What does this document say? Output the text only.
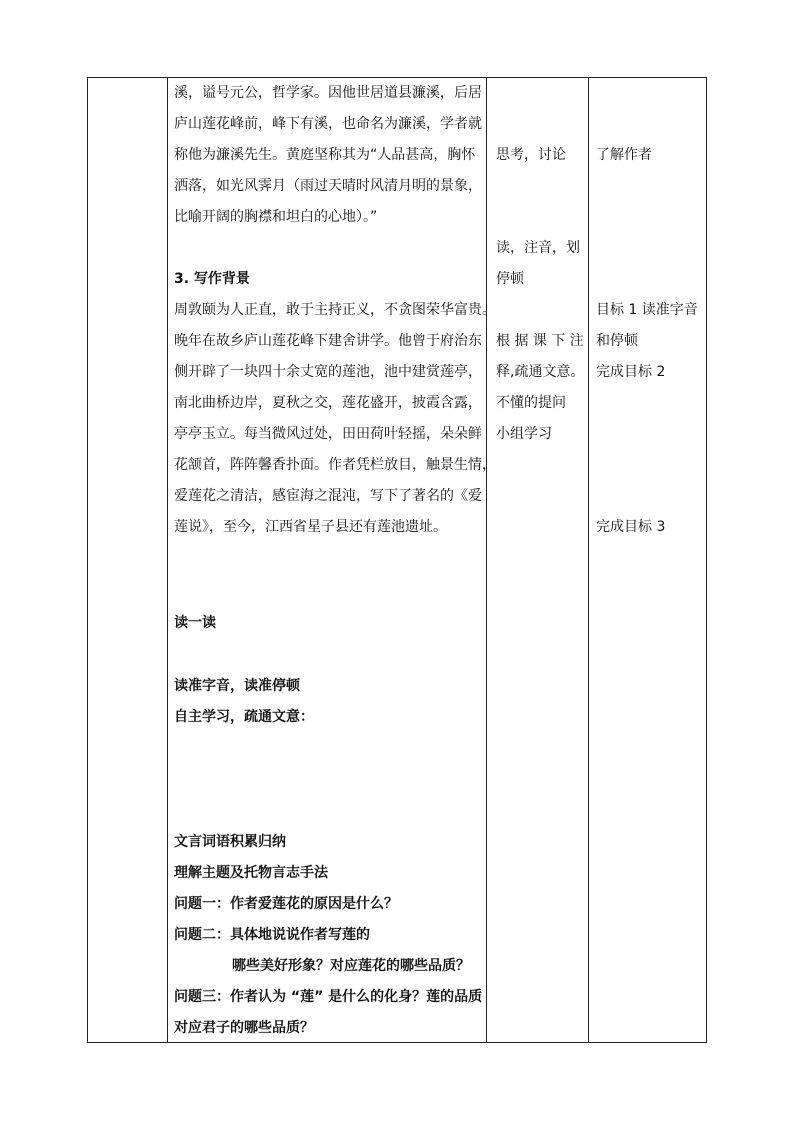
溪，谥号元公，哲学家。因他世居道县濂溪，后居
庐山莲花峰前，峰下有溪，也命名为濂溪，学者就
称他为濂溪先生。黄庭坚称其为“人品甚高，胸怀
洒落，如光风霁月（雨过天晴时风清月明的景象，
比喻开阔的胸襟和坦白的心地）。”
3. 写作背景
周敦颐为人正直，敢于主持正义，不贪图荣华富贵。
晚年在故乡庐山莲花峰下建舍讲学。他曾于府治东
侧开辟了一块四十余丈宽的莲池，池中建赏莲亭，
南北曲桥边岸，夏秋之交，莲花盛开，披霞含露，
亭亭玉立。每当微风过处，田田荷叶轻摇，朵朵鲜
花颔首，阵阵馨香扑面。作者凭栏放目，触景生情，
爱莲花之清洁，感宦海之混沌，写下了著名的《爱
莲说》，至今，江西省星子县还有莲池遗址。
读一读
读准字音，读准停顿
自主学习，疏通文意：
文言词语积累归纳
理解主题及托物言志手法
问题一：作者爱莲花的原因是什么？
问题二：具体地说说作者写莲的
哪些美好形象？对应莲花的哪些品质？
问题三：作者认为 “莲” 是什么的化身？莲的品质
对应君子的哪些品质？
思考，讨论
读，注音，划
停顿
根 据 课 下 注
释,疏通文意。
不懂的提问
小组学习
了解作者
目标 1 读准字音
和停顿
完成目标 2
完成目标 3
